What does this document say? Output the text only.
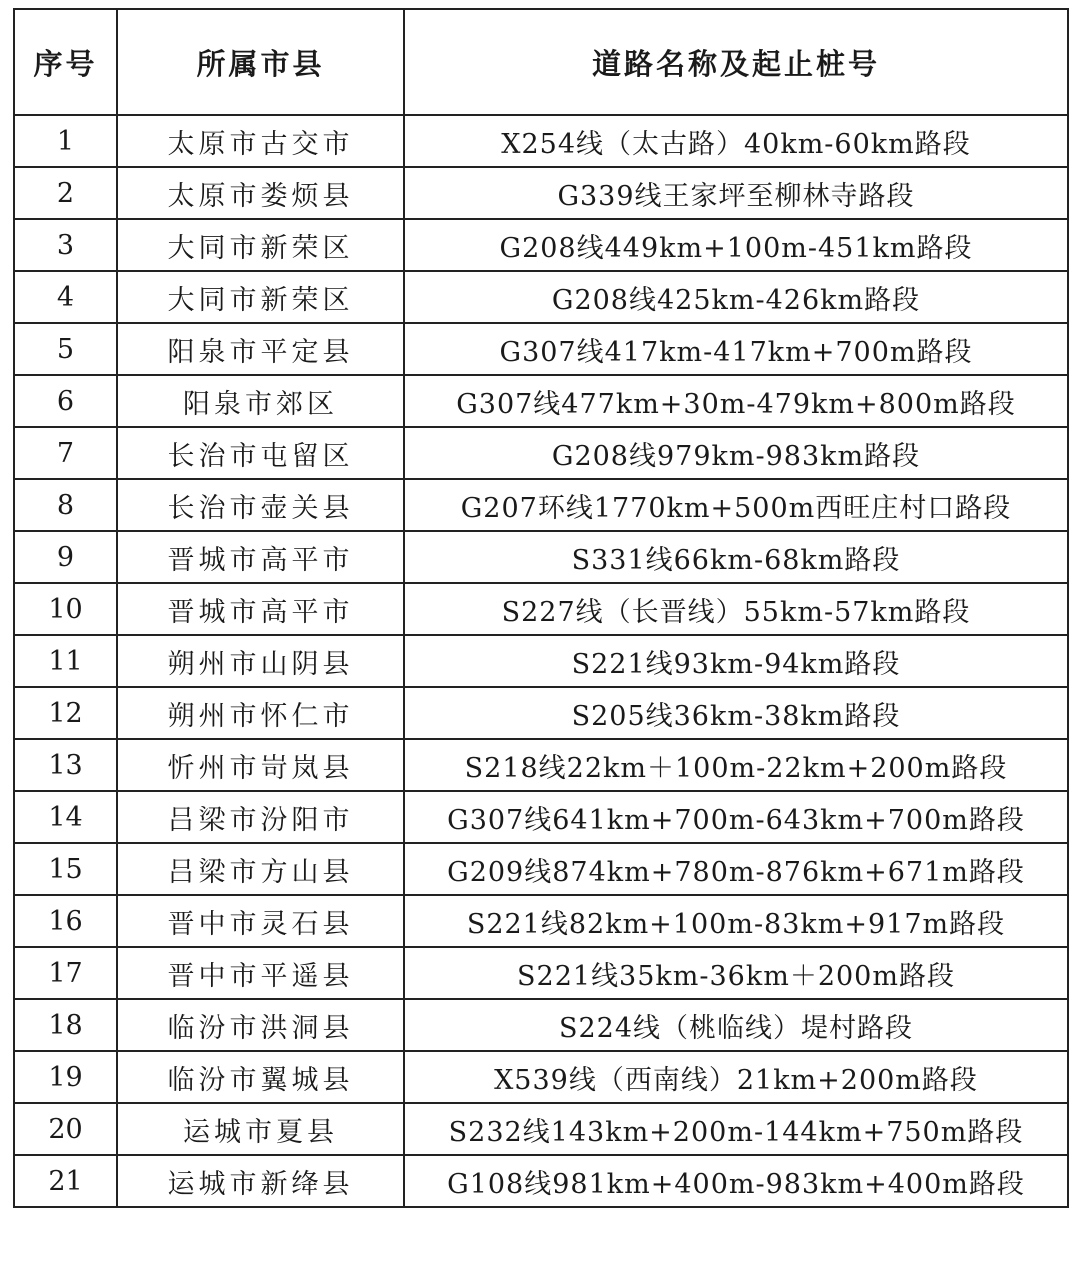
序号	所属市县	道路名称及起止桩号
1	太原市古交市	X254线（太古路）40km-60km路段
2	太原市娄烦县	G339线王家坪至柳林寺路段
3	大同市新荣区	G208线449km+100m-451km路段
4	大同市新荣区	G208线425km-426km路段
5	阳泉市平定县	G307线417km-417km+700m路段
6	阳泉市郊区	G307线477km+30m-479km+800m路段
7	长治市屯留区	G208线979km-983km路段
8	长治市壶关县	G207环线1770km+500m西旺庄村口路段
9	晋城市高平市	S331线66km-68km路段
10	晋城市高平市	S227线（长晋线）55km-57km路段
11	朔州市山阴县	S221线93km-94km路段
12	朔州市怀仁市	S205线36km-38km路段
13	忻州市岢岚县	S218线22km＋100m-22km+200m路段
14	吕梁市汾阳市	G307线641km+700m-643km+700m路段
15	吕梁市方山县	G209线874km+780m-876km+671m路段
16	晋中市灵石县	S221线82km+100m-83km+917m路段
17	晋中市平遥县	S221线35km-36km＋200m路段
18	临汾市洪洞县	S224线（桃临线）堤村路段
19	临汾市翼城县	X539线（西南线）21km+200m路段
20	运城市夏县	S232线143km+200m-144km+750m路段
21	运城市新绛县	G108线981km+400m-983km+400m路段
